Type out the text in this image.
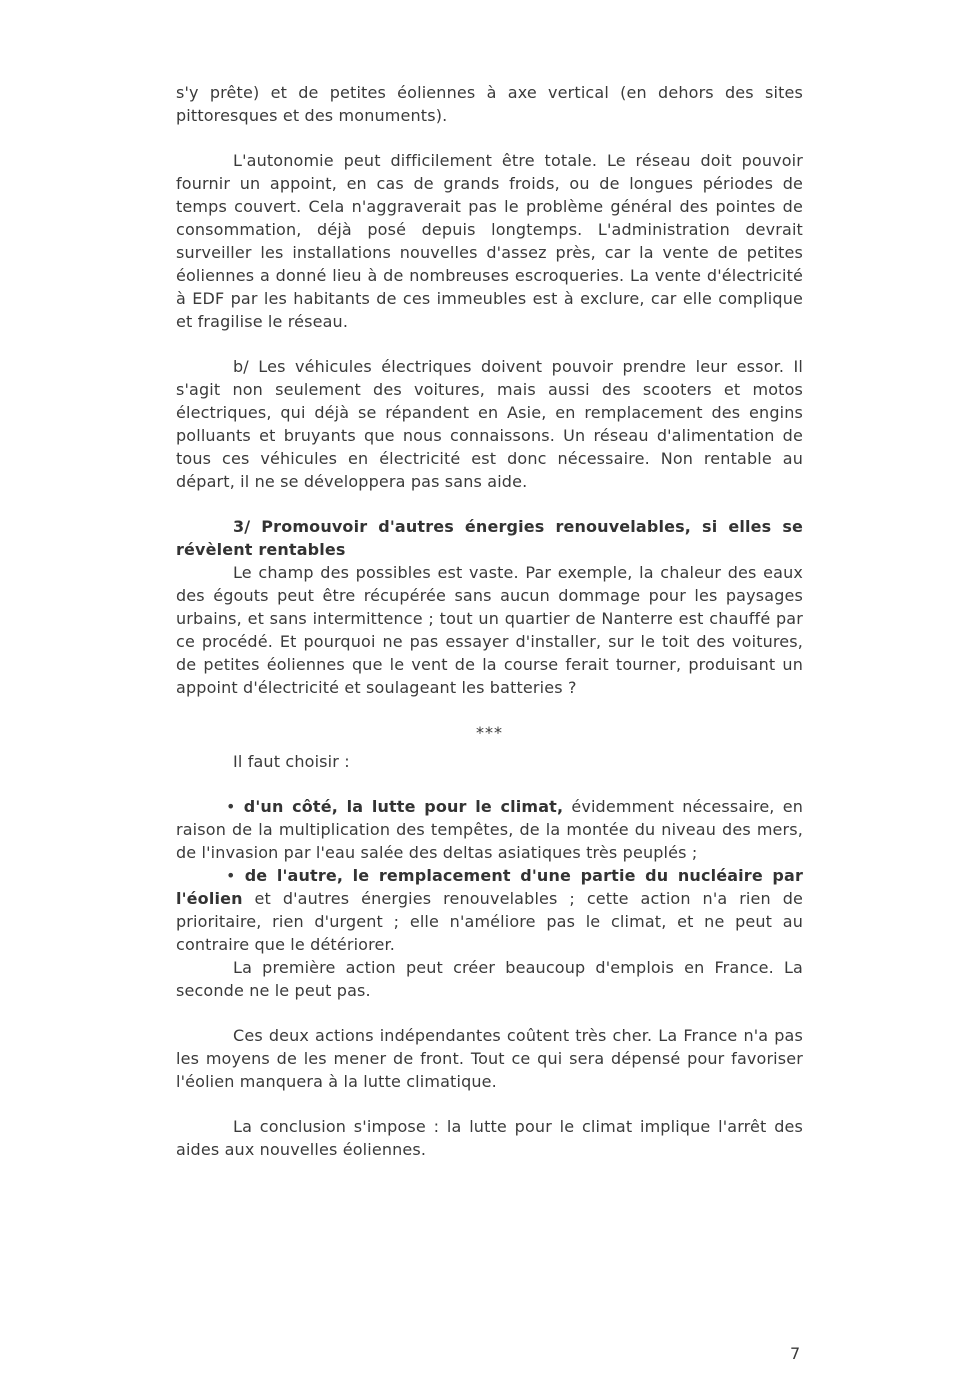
s'y prête) et de petites éoliennes à axe vertical (en dehors des sites pittoresques et des monuments).

L'autonomie peut difficilement être totale. Le réseau doit pouvoir fournir un appoint, en cas de grands froids, ou de longues périodes de temps couvert. Cela n'aggraverait pas le problème général des pointes de consommation, déjà posé depuis longtemps. L'administration devrait surveiller les installations nouvelles d'assez près, car la vente de petites éoliennes a donné lieu à de nombreuses escroqueries. La vente d'électricité à EDF par les habitants de ces immeubles est à exclure, car elle complique et fragilise le réseau.

b/ Les véhicules électriques doivent pouvoir prendre leur essor. Il s'agit non seulement des voitures, mais aussi des scooters et motos électriques, qui déjà se répandent en Asie, en remplacement des engins polluants et bruyants que nous connaissons. Un réseau d'alimentation de tous ces véhicules en électricité est donc nécessaire. Non rentable au départ, il ne se développera pas sans aide.

3/ Promouvoir d'autres énergies renouvelables, si elles se révèlent rentables

Le champ des possibles est vaste. Par exemple, la chaleur des eaux des égouts peut être récupérée sans aucun dommage pour les paysages urbains, et sans intermittence ; tout un quartier de Nanterre est chauffé par ce procédé. Et pourquoi ne pas essayer d'installer, sur le toit des voitures, de petites éoliennes que le vent de la course ferait tourner, produisant un appoint d'électricité et soulageant les batteries ?

***

Il faut choisir :

• d'un côté, la lutte pour le climat, évidemment nécessaire, en raison de la multiplication des tempêtes, de la montée du niveau des mers, de l'invasion par l'eau salée des deltas asiatiques très peuplés ;

• de l'autre, le remplacement d'une partie du nucléaire par l'éolien et d'autres énergies renouvelables ; cette action n'a rien de prioritaire, rien d'urgent ; elle n'améliore pas le climat, et ne peut au contraire que le détériorer.

La première action peut créer beaucoup d'emplois en France. La seconde ne le peut pas.

Ces deux actions indépendantes coûtent très cher. La France n'a pas les moyens de les mener de front. Tout ce qui sera dépensé pour favoriser l'éolien manquera à la lutte climatique.

La conclusion s'impose : la lutte pour le climat implique l'arrêt des aides aux nouvelles éoliennes.

7
